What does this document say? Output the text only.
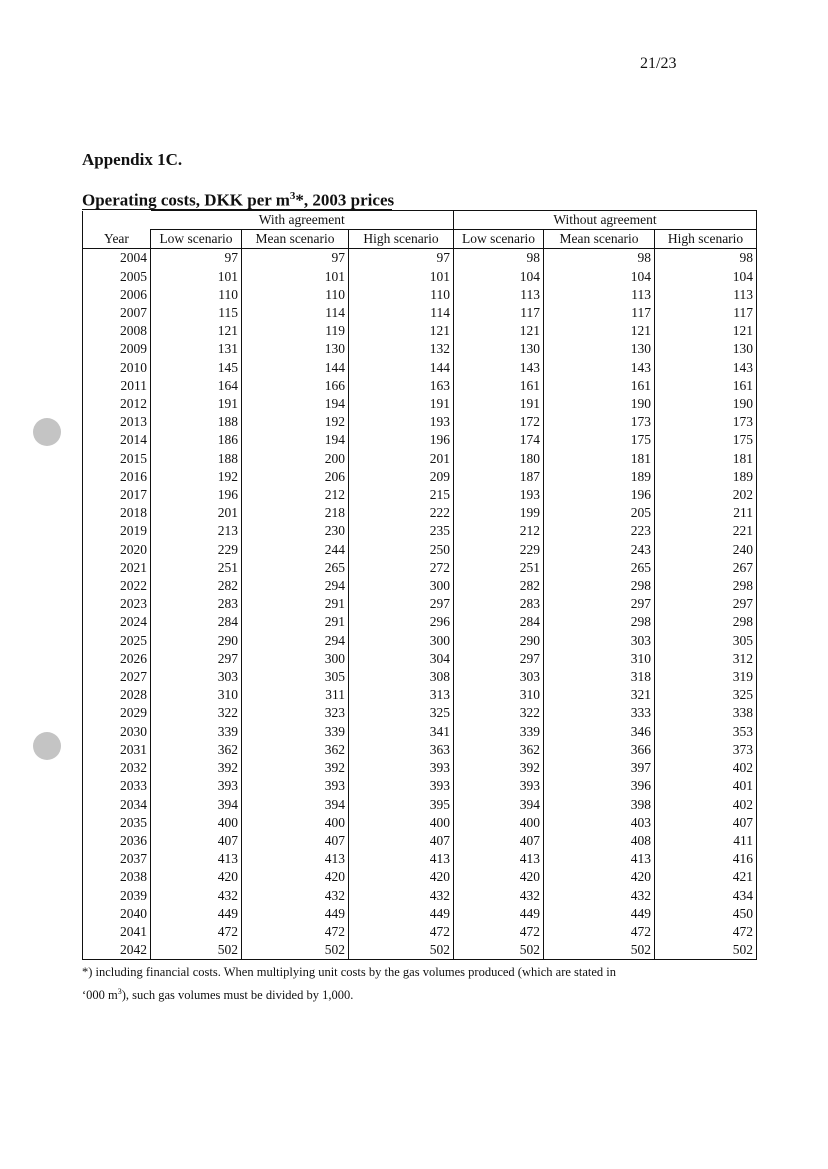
21/23
Appendix 1C.
Operating costs, DKK per $m^3*$, 2003 prices
Year	With agreement			Without agreement		
	Low scenario	Mean scenario	High scenario	Low scenario	Mean scenario	High scenario
2004	97	97	97	98	98	98
2005	101	101	101	104	104	104
2006	110	110	110	113	113	113
2007	115	114	114	117	117	117
2008	121	119	121	121	121	121
2009	131	130	132	130	130	130
2010	145	144	144	143	143	143
2011	164	166	163	161	161	161
2012	191	194	191	191	190	190
2013	188	192	193	172	173	173
2014	186	194	196	174	175	175
2015	188	200	201	180	181	181
2016	192	206	209	187	189	189
2017	196	212	215	193	196	202
2018	201	218	222	199	205	211
2019	213	230	235	212	223	221
2020	229	244	250	229	243	240
2021	251	265	272	251	265	267
2022	282	294	300	282	298	298
2023	283	291	297	283	297	297
2024	284	291	296	284	298	298
2025	290	294	300	290	303	305
2026	297	300	304	297	310	312
2027	303	305	308	303	318	319
2028	310	311	313	310	321	325
2029	322	323	325	322	333	338
2030	339	339	341	339	346	353
2031	362	362	363	362	366	373
2032	392	392	393	392	397	402
2033	393	393	393	393	396	401
2034	394	394	395	394	398	402
2035	400	400	400	400	403	407
2036	407	407	407	407	408	411
2037	413	413	413	413	413	416
2038	420	420	420	420	420	421
2039	432	432	432	432	432	434
2040	449	449	449	449	449	450
2041	472	472	472	472	472	472
2042	502	502	502	502	502	502
*) including financial costs. When multiplying unit costs by the gas volumes produced (which are stated in
‘000 $m^3$), such gas volumes must be divided by 1,000.
